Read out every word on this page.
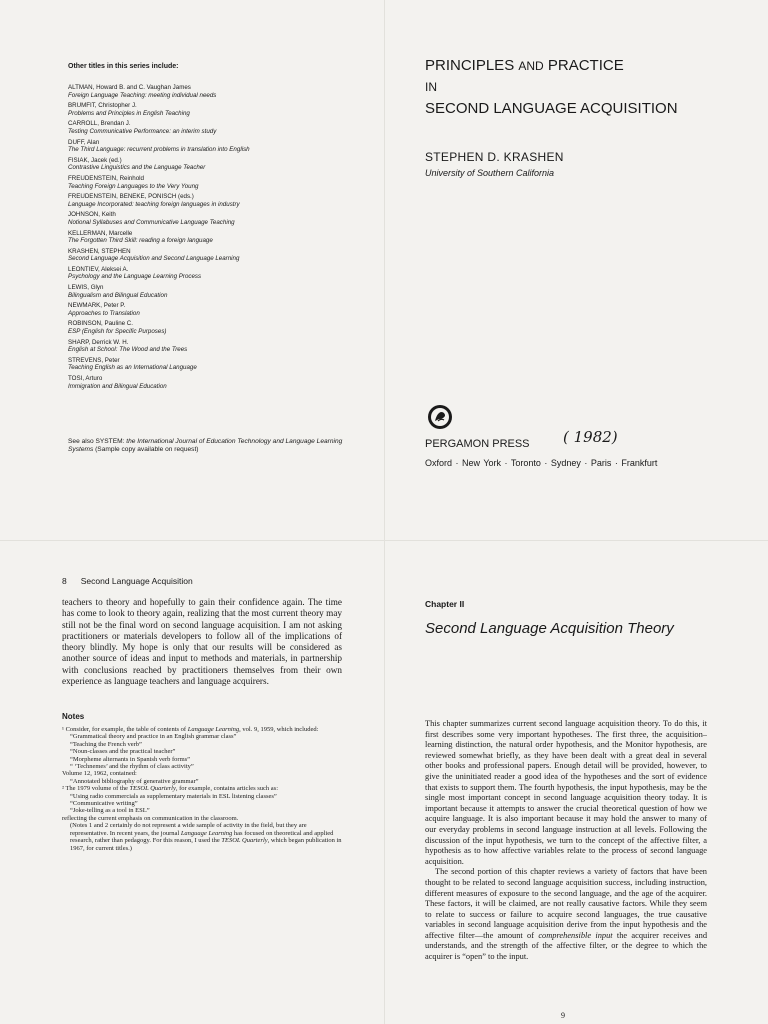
Other titles in this series include:
ALTMAN, Howard B. and C. Vaughan James
Foreign Language Teaching: meeting individual needs
BRUMFIT, Christopher J.
Problems and Principles in English Teaching
CARROLL, Brendan J.
Testing Communicative Performance: an interim study
DUFF, Alan
The Third Language: recurrent problems in translation into English
FISIAK, Jacek (ed.)
Contrastive Linguistics and the Language Teacher
FREUDENSTEIN, Reinhold
Teaching Foreign Languages to the Very Young
FREUDENSTEIN, BENEKE, PONISCH (eds.)
Language Incorporated: teaching foreign languages in industry
JOHNSON, Keith
Notional Syllabuses and Communicative Language Teaching
KELLERMAN, Marcelle
The Forgotten Third Skill: reading a foreign language
KRASHEN, STEPHEN
Second Language Acquisition and Second Language Learning
LEONTIEV, Aleksei A.
Psychology and the Language Learning Process
LEWIS, Glyn
Bilingualism and Bilingual Education
NEWMARK, Peter P.
Approaches to Translation
ROBINSON, Pauline C.
ESP (English for Specific Purposes)
SHARP, Derrick W. H.
English at School: The Wood and the Trees
STREVENS, Peter
Teaching English as an International Language
TOSI, Arturo
Immigration and Bilingual Education
See also SYSTEM: the International Journal of Education Technology and Language Learning Systems (Sample copy available on request)
PRINCIPLES AND PRACTICE
IN
SECOND LANGUAGE ACQUISITION
STEPHEN D. KRASHEN
University of Southern California
PERGAMON PRESS ( 1982)
Oxford · New York · Toronto · Sydney · Paris · Frankfurt
8 Second Language Acquisition

teachers to theory and hopefully to gain their confidence again. The time has come to look to theory again, realizing that the most current theory may still not be the final word on second language acquisition. I am not asking practitioners or materials developers to follow all of the implications of theory blindly. My hope is only that our results will be considered as another source of ideas and input to methods and materials, in partnership with conclusions reached by practitioners themselves from their own experience as language teachers and language acquirers.

Notes
¹ Consider, for example, the table of contents of Language Learning, vol. 9, 1959, which included:
“Grammatical theory and practice in an English grammar class”
“Teaching the French verb”
“Noun-classes and the practical teacher”
“Morpheme alternants in Spanish verb forms”
“ ‘Technemes’ and the rhythm of class activity”
Volume 12, 1962, contained:
“Annotated bibliography of generative grammar”
² The 1979 volume of the TESOL Quarterly, for example, contains articles such as:
“Using radio commercials as supplementary materials in ESL listening classes”
“Communicative writing”
“Joke-telling as a tool in ESL”
reflecting the current emphasis on communication in the classroom.
(Notes 1 and 2 certainly do not represent a wide sample of activity in the field, but they are representative. In recent years, the journal Language Learning has focused on theoretical and applied research, rather than pedagogy. For this reason, I used the TESOL Quarterly, which began publication in 1967, for current titles.)
Chapter II
Second Language Acquisition Theory

This chapter summarizes current second language acquisition theory. To do this, it first describes some very important hypotheses. The first three, the acquisition–learning distinction, the natural order hypothesis, and the Monitor hypothesis, are reviewed somewhat briefly, as they have been dealt with a great deal in several other books and professional papers. Enough detail will be provided, however, to give the uninitiated reader a good idea of the hypotheses and the sort of evidence that exists to support them. The fourth hypothesis, the input hypothesis, may be the single most important concept in second language acquisition theory today. It is important because it attempts to answer the crucial theoretical question of how we acquire language. It is also important because it may hold the answer to many of our everyday problems in second language instruction at all levels. Following the discussion of the input hypothesis, we turn to the concept of the affective filter, a hypothesis as to how affective variables relate to the process of second language acquisition.

The second portion of this chapter reviews a variety of factors that have been thought to be related to second language acquisition success, including instruction, different measures of exposure to the second language, and the age of the acquirer. These factors, it will be claimed, are not really causative factors. While they seem to relate to success or failure to acquire second languages, the true causative variables in second language acquisition derive from the input hypothesis and the affective filter—the amount of comprehensible input the acquirer receives and understands, and the strength of the affective filter, or the degree to which the acquirer is “open” to the input.

9
